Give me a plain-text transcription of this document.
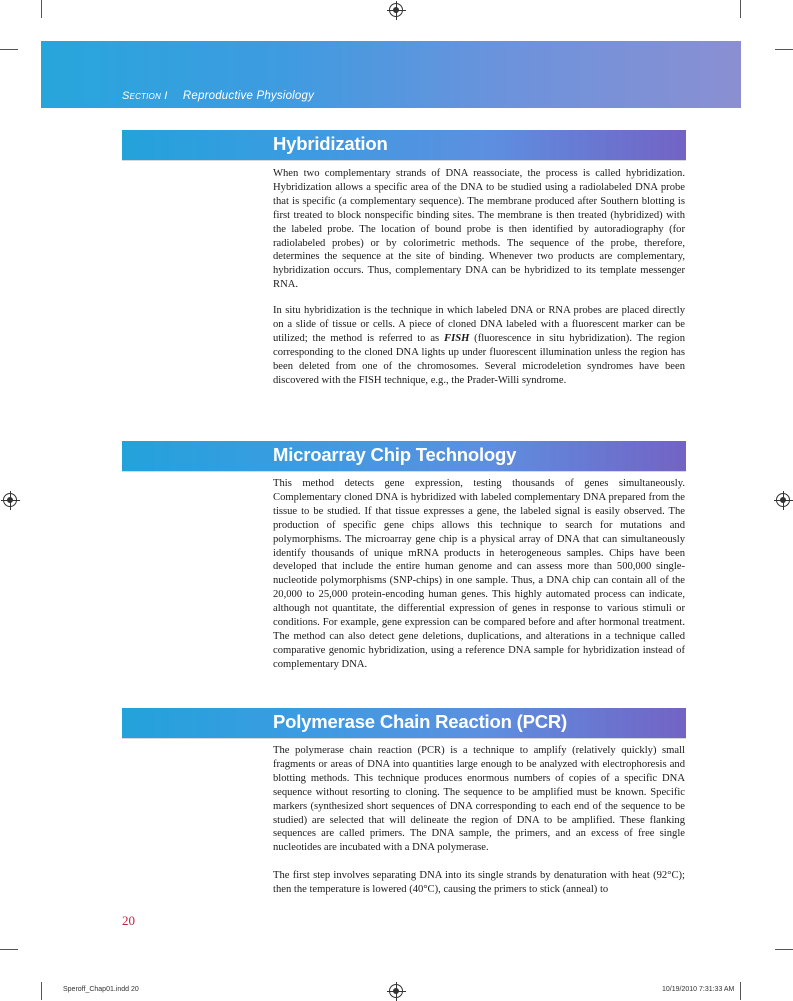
Section I Reproductive Physiology
Hybridization

When two complementary strands of DNA reassociate, the process is called hybridization. Hybridization allows a specific area of the DNA to be studied using a radiolabeled DNA probe that is specific (a complementary sequence). The membrane produced after Southern blotting is first treated to block nonspecific binding sites. The membrane is then treated (hybridized) with the labeled probe. The location of bound probe is then identified by autoradiography (for radiolabeled probes) or by colorimetric methods. The sequence of the probe, therefore, determines the sequence at the site of binding. Whenever two products are complementary, hybridization occurs. Thus, complementary DNA can be hybridized to its template messenger RNA.

In situ hybridization is the technique in which labeled DNA or RNA probes are placed directly on a slide of tissue or cells. A piece of cloned DNA labeled with a fluorescent marker can be utilized; the method is referred to as FISH (fluorescence in situ hybridization). The region corresponding to the cloned DNA lights up under fluorescent illumination unless the region has been deleted from one of the chromosomes. Several microdeletion syndromes have been discovered with the FISH technique, e.g., the Prader-Willi syndrome.

Microarray Chip Technology

This method detects gene expression, testing thousands of genes simultaneously. Complementary cloned DNA is hybridized with labeled complementary DNA prepared from the tissue to be studied. If that tissue expresses a gene, the labeled signal is easily observed. The production of specific gene chips allows this technique to search for mutations and polymorphisms. The microarray gene chip is a physical array of DNA that can simultaneously identify thousands of unique mRNA products in heterogeneous samples. Chips have been developed that include the entire human genome and can assess more than 500,000 single-nucleotide polymorphisms (SNP-chips) in one sample. Thus, a DNA chip can contain all of the 20,000 to 25,000 protein-encoding human genes. This highly automated process can indicate, although not quantitate, the differential expression of genes in response to various stimuli or conditions. For example, gene expression can be compared before and after hormonal treatment. The method can also detect gene deletions, duplications, and alterations in a technique called comparative genomic hybridization, using a reference DNA sample for hybridization instead of complementary DNA.

Polymerase Chain Reaction (PCR)

The polymerase chain reaction (PCR) is a technique to amplify (relatively quickly) small fragments or areas of DNA into quantities large enough to be analyzed with electrophoresis and blotting methods. This technique produces enormous numbers of copies of a specific DNA sequence without resorting to cloning. The sequence to be amplified must be known. Specific markers (synthesized short sequences of DNA corresponding to each end of the sequence to be studied) are selected that will delineate the region of DNA to be amplified. These flanking sequences are called primers. The DNA sample, the primers, and an excess of free single nucleotides are incubated with a DNA polymerase.

The first step involves separating DNA into its single strands by denaturation with heat (92°C); then the temperature is lowered (40°C), causing the primers to stick (anneal) to

20
Speroff_Chap01.indd 20	10/19/2010 7:31:33 AM
